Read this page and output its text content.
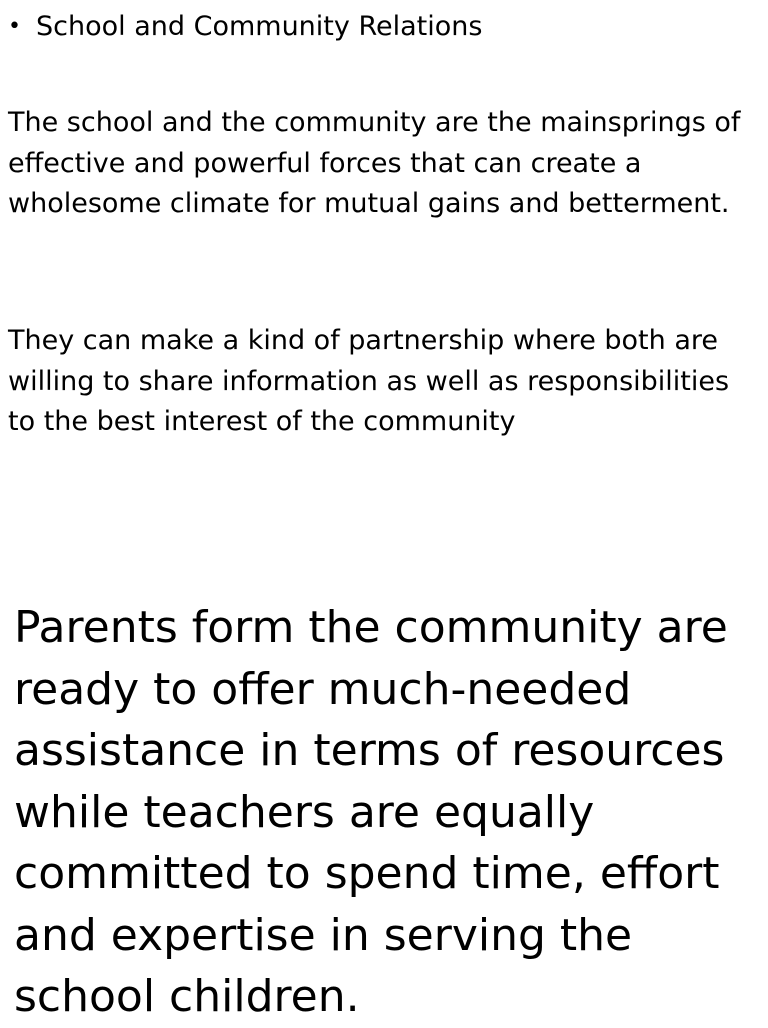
• School and Community Relations

The school and the community are the mainsprings of effective and powerful forces that can create a wholesome climate for mutual gains and betterment.

They can make a kind of partnership where both are willing to share information as well as responsibilities to the best interest of the community

Parents form the community are ready to offer much-needed assistance in terms of resources while teachers are equally committed to spend time, effort and expertise in serving the school children.
